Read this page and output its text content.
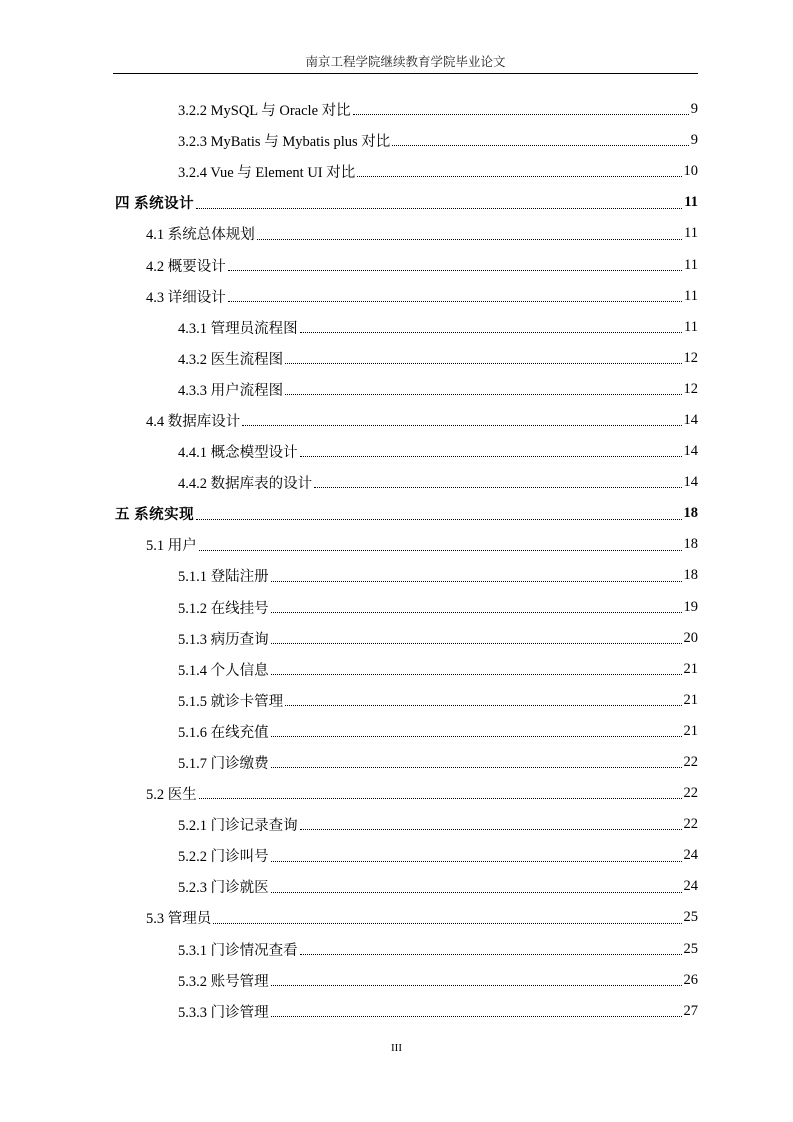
南京工程学院继续教育学院毕业论文
3.2.2 MySQL 与 Oracle 对比	9
3.2.3 MyBatis 与 Mybatis plus 对比	9
3.2.4 Vue 与 Element UI 对比	10
四 系统设计	11
4.1 系统总体规划	11
4.2 概要设计	11
4.3 详细设计	11
4.3.1 管理员流程图	11
4.3.2 医生流程图	12
4.3.3 用户流程图	12
4.4 数据库设计	14
4.4.1 概念模型设计	14
4.4.2 数据库表的设计	14
五 系统实现	18
5.1 用户	18
5.1.1 登陆注册	18
5.1.2 在线挂号	19
5.1.3 病历查询	20
5.1.4 个人信息	21
5.1.5 就诊卡管理	21
5.1.6 在线充值	21
5.1.7 门诊缴费	22
5.2 医生	22
5.2.1 门诊记录查询	22
5.2.2 门诊叫号	24
5.2.3 门诊就医	24
5.3 管理员	25
5.3.1 门诊情况查看	25
5.3.2 账号管理	26
5.3.3 门诊管理	27
III
